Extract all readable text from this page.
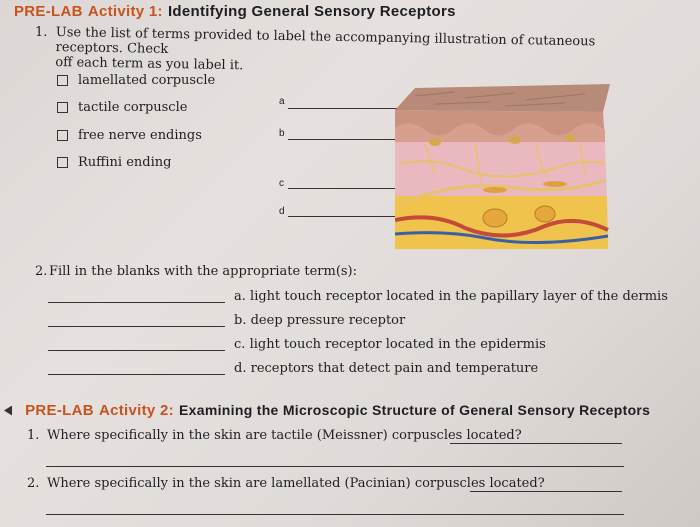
PRE-LAB Activity 1: Identifying General Sensory Receptors
1. Use the list of terms provided to label the accompanying illustration of cutaneous receptors. Check
off each term as you label it.
lamellated corpuscle
tactile corpuscle
free nerve endings
Ruffini ending
a
b
c
d
2. Fill in the blanks with the appropriate term(s):
a. light touch receptor located in the papillary layer of the dermis
b. deep pressure receptor
c. light touch receptor located in the epidermis
d. receptors that detect pain and temperature
PRE-LAB Activity 2: Examining the Microscopic Structure of General Sensory Receptors
1. Where specifically in the skin are tactile (Meissner) corpuscles located?
2. Where specifically in the skin are lamellated (Pacinian) corpuscles located?
